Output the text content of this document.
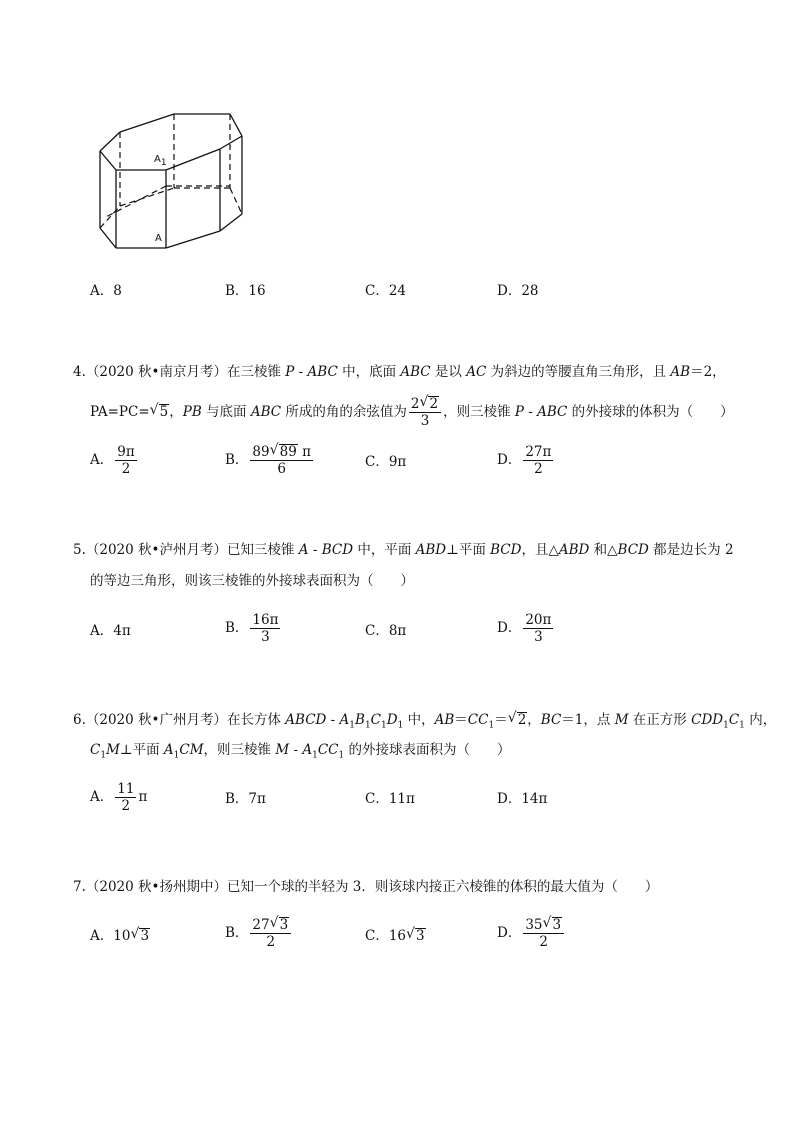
$A_1$
A
A．8	B．16	C．24	D．28
4.（2020 秋•南京月考）在三棱锥 P - ABC 中，底面 ABC 是以 AC 为斜边的等腰直角三角形，且 AB＝2，
PA=PC= √ 5，PB 与底面 ABC 所成的角的余弦值为 $\frac{2 √ 2}{3}$ ，则三棱锥 P - ABC 的外接球的体积为（　　）
A． $\frac{9\pi}{2}$	B． $\frac{89 √ 89 \pi}{6}$	C．9π	D． $\frac{27\pi}{2}$
5.（2020 秋•泸州月考）已知三棱锥 A - BCD 中，平面 ABD⊥平面 BCD，且△ABD 和△BCD 都是边长为 2
的等边三角形，则该三棱锥的外接球表面积为（　　）
A．4π	B． $\frac{16\pi}{3}$	C．8π	D． $\frac{20\pi}{3}$
6.（2020 秋•广州月考）在长方体 ABCD - $A_1B_1C_1D_1$ 中，$AB=CC_1=$ √ 2，BC＝1，点 M 在正方形 $CDD_1C_1$ 内，
$C_1M\perp$平面 $A_1CM$，则三棱锥 M - $A_1CC_1$ 的外接球表面积为（　　）
A． $\frac{11}{2}$ π	B．7π	C．11π	D．14π
7.（2020 秋•扬州期中）已知一个球的半轻为 3．则该球内接正六棱锥的体积的最大值为（　　）
A．10 √ 3	B． $\frac{27 √ 3}{2}$	C．16 √ 3	D． $\frac{35 √ 3}{2}$
